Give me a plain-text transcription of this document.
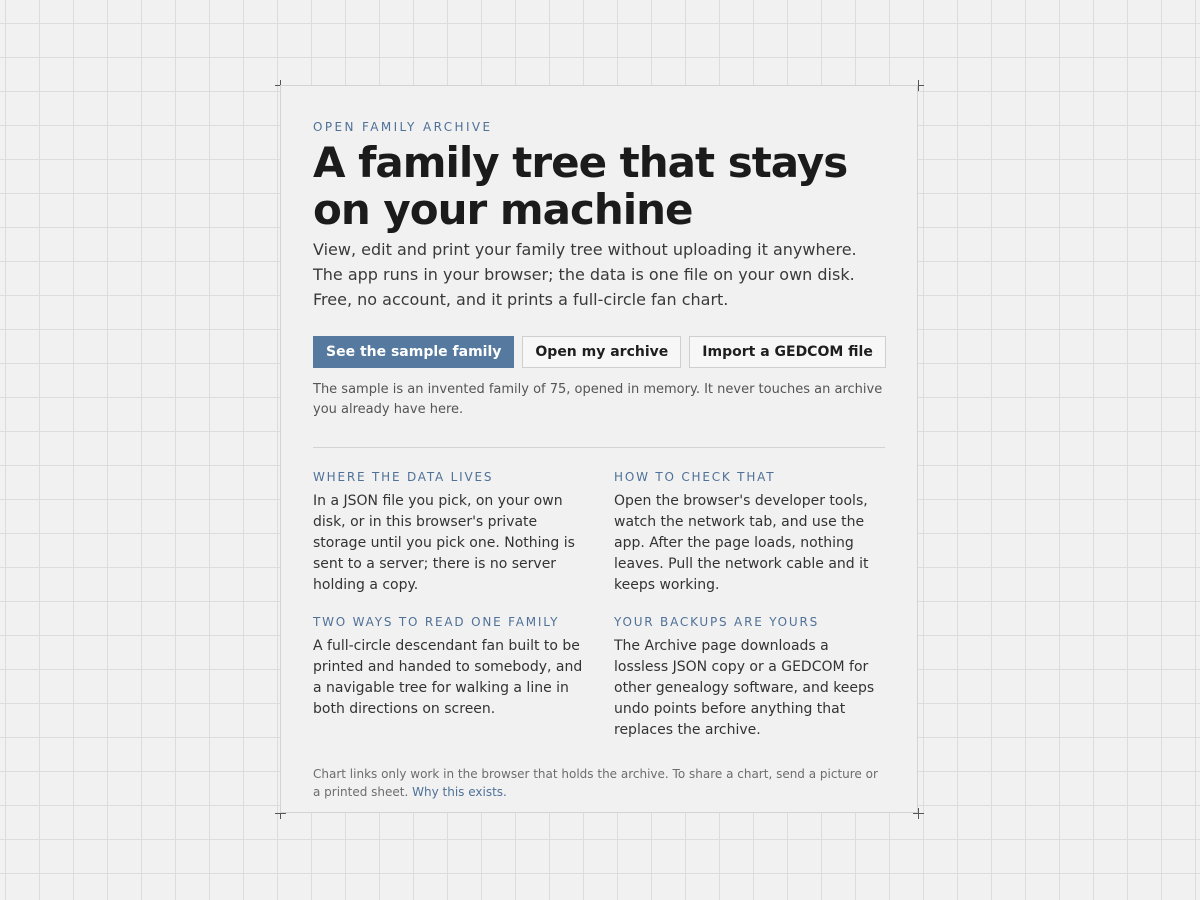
OPEN FAMILY ARCHIVE

A family tree that stays on your machine

View, edit and print your family tree without uploading it anywhere. The app runs in your browser; the data is one file on your own disk. Free, no account, and it prints a full-circle fan chart.

See the sample family	Open my archive	Import a GEDCOM file

The sample is an invented family of 75, opened in memory. It never touches an archive you already have here.

WHERE THE DATA LIVES

In a JSON file you pick, on your own disk, or in this browser's private storage until you pick one. Nothing is sent to a server; there is no server holding a copy.

HOW TO CHECK THAT

Open the browser's developer tools, watch the network tab, and use the app. After the page loads, nothing leaves. Pull the network cable and it keeps working.

TWO WAYS TO READ ONE FAMILY

A full-circle descendant fan built to be printed and handed to somebody, and a navigable tree for walking a line in both directions on screen.

YOUR BACKUPS ARE YOURS

The Archive page downloads a lossless JSON copy or a GEDCOM for other genealogy software, and keeps undo points before anything that replaces the archive.

Chart links only work in the browser that holds the archive. To share a chart, send a picture or a printed sheet. Why this exists.
